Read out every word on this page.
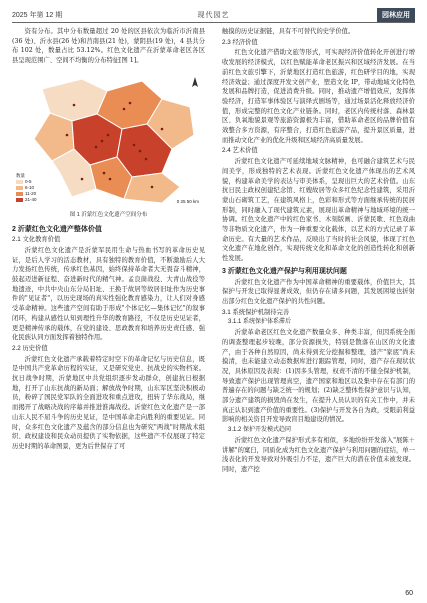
2025 年第 12 期	现代园艺	园林应用

资有分布。其中分布数量超过 20 处的区县依次为临沂市沂南县(36 处)、沂水县(26 处)和莒南县(21 处)，蒙阴县(19 处)，4 县共分布 102 处，数量占比 53.12%。红色文化遗产在沂蒙革命老区各区县呈现范围广、空间不均衡的分布特征[图 1]。

数量
0-5
6-10
11-20
21-40	0 25 50 km
图 1 沂蒙红色文化遗产空间分布
2 沂蒙红色文化遗产整体价值
2.1 文化教育价值

沂蒙红色文化遗产是沂蒙军民用生命与热血书写的革命历史见证，是后人学习的活态教材，具有独特的教育价值，不断激励后人大力发扬红色传统，传承红色基因，始终保持革命者大无畏奋斗精神，鼓起迈进新征程、奋进新时代的精气神。孟良崮战役、大青山战役等地遗迹，中共中央山东分局旧址、王换于故居等故居旧址作为历史事件的"见证者"，以历史现场的真实性强化教育感染力，让人们对身感受革命精神。这些遗产空间有助于形成"个体记忆—集体记忆"的叙事闭环，构建从感性认知到理性升华的教育路径，不仅是历史见证者，更是精神传承的载体，在党的建设、思政教育和培养历史责任感、强化民族认同方面发挥着独特作用。

2.2 历史价值

沂蒙红色文化遗产承载着特定时空下的革命记忆与历史信息，既是中国共产党革命历程的实证，又是研究党史、抗战史的实物档案。抗日战争时期，沂蒙地区中共党组织逐步发动群众，创建抗日根据地，打开了山东抗战的新局面；解放战争时期，山东军区坚决积极动员，粉碎了国民党军队的全面进攻和重点进攻，扭转了华东战局，继而揭开了战略决战的序幕并推进淮海战役。沂蒙红色文化遗产是一部山东人民不屈斗争的历史见证，是中国革命走向胜利的重要见证。同时，众多红色文化遗产及蕴含的部分信息也为研究"两战"时期战术组织、政权建设和民众动员提供了实物依据，这些遗产不仅展现了特定历史时期的革命图景，更为后世保存了可

触摸的历史证据链，具有不可替代的史学价值。

2.3 经济价值

红色文化遗产借助文旅等形式，可实现经济价值转化开创进行增收发展的经济模式，以红色赋能革命老区振兴和区域经济发展。在当前红色文旅引擎下，沂蒙地区打造红色旅游，红色研学目的地，实现经济效益；通过深度开发文创产业，塑造文化 IP，带动地域文化特色发展和品牌打造，促进消费升级。同时，推动遗产增值效应，发挥体验经济，打造军事体验区与演绎式剧场等，通过场景活化释放经济价值，形成完整的红色文化产业链条。同时，老区内传统村落、森林景区、负氧地貌景观等旅游资源极为丰富，借助革命老区的品牌价值有效整合多方资源，有序整合，打造红色旅游产品，提升景区质量，进而推动文化产业的优化升级和区域经济高质量发展。

2.4 艺术价值

沂蒙红色文化遗产可延续地域文脉精神，也可融合建筑艺术与民间美学，形成独特的艺术表现。沂蒙红色文化遗产体现出的艺术风貌，构建革命美学的表达与审美体系，呈现出巨大的艺术价值。山东抗日民主政权创建纪念馆、红嫂故居等众多红色纪念性建筑，采用沂蒙山石砌筑工艺，在建筑风格上，色彩和形式等方面继承传统的民居形制，同时融入了现代建筑元素，展现出革命精神与地域环境的统一协调。红色文化遗产中的红色家书、木刻版画、沂蒙民歌、红色戏曲等非物质文化遗产，作为一种重要文化载体，以艺术的方式记录了革命历史。有大量的艺术作品，反映出了当时的社会风貌，体现了红色文化遗产在地化创作，实现传统文化和革命文化的创造性转化和创新性发展。

3 沂蒙红色文化遗产保护与利用现状问题

沂蒙红色文化遗产作为中国革命精神的重要载体，价值巨大，其保护与开发已取得显著成效，但仍存在诸多问题，其发展困境也折射出部分红色文化遗产保护的共性问题。

3.1 系统保护机制待完善
3.1.1 系统保护体系滞后

沂蒙革命老区红色文化遗产数量众多、种类丰富，但因系统全面的调查整理起步较晚，部分资源损失，特别是散落在山区的文化遗产，由于各种自然原因，尚未得到充分挖掘和整理，遗产"家底"尚未摸清，也未能建立动态数据库进行跟踪管理，同时，遗产存在现状状况，具体原因及表现：(1)因多头管理，权责不清的不健全保护机制，导致遗产保护出现管理真空，遗产国家和地区以及集中存在有部门的普遍存在的问题与缺乏统一的规划；(2)缺乏整体性保护意识与认知，部分遗产建筑的损毁尚在发生，在提升人员认识的有关工作中，并未真正认识到遗产价值的重要性。(3)保护与开发各自为政，受眼前利益影响的相关资目开发导致盲目地建设的情况。

3.1.2 保护开发模式趋同

沂蒙红色文化遗产保护形式多有相似，多地纷纷开发落入"展陈＋讲解"的窠臼，同质化成为红色文化遗产保护与利用问题的症结，单一浅表化的开发导致对外吸引力不足，遗产巨大的潜在价值未被发现。同时，遗产挖

60
